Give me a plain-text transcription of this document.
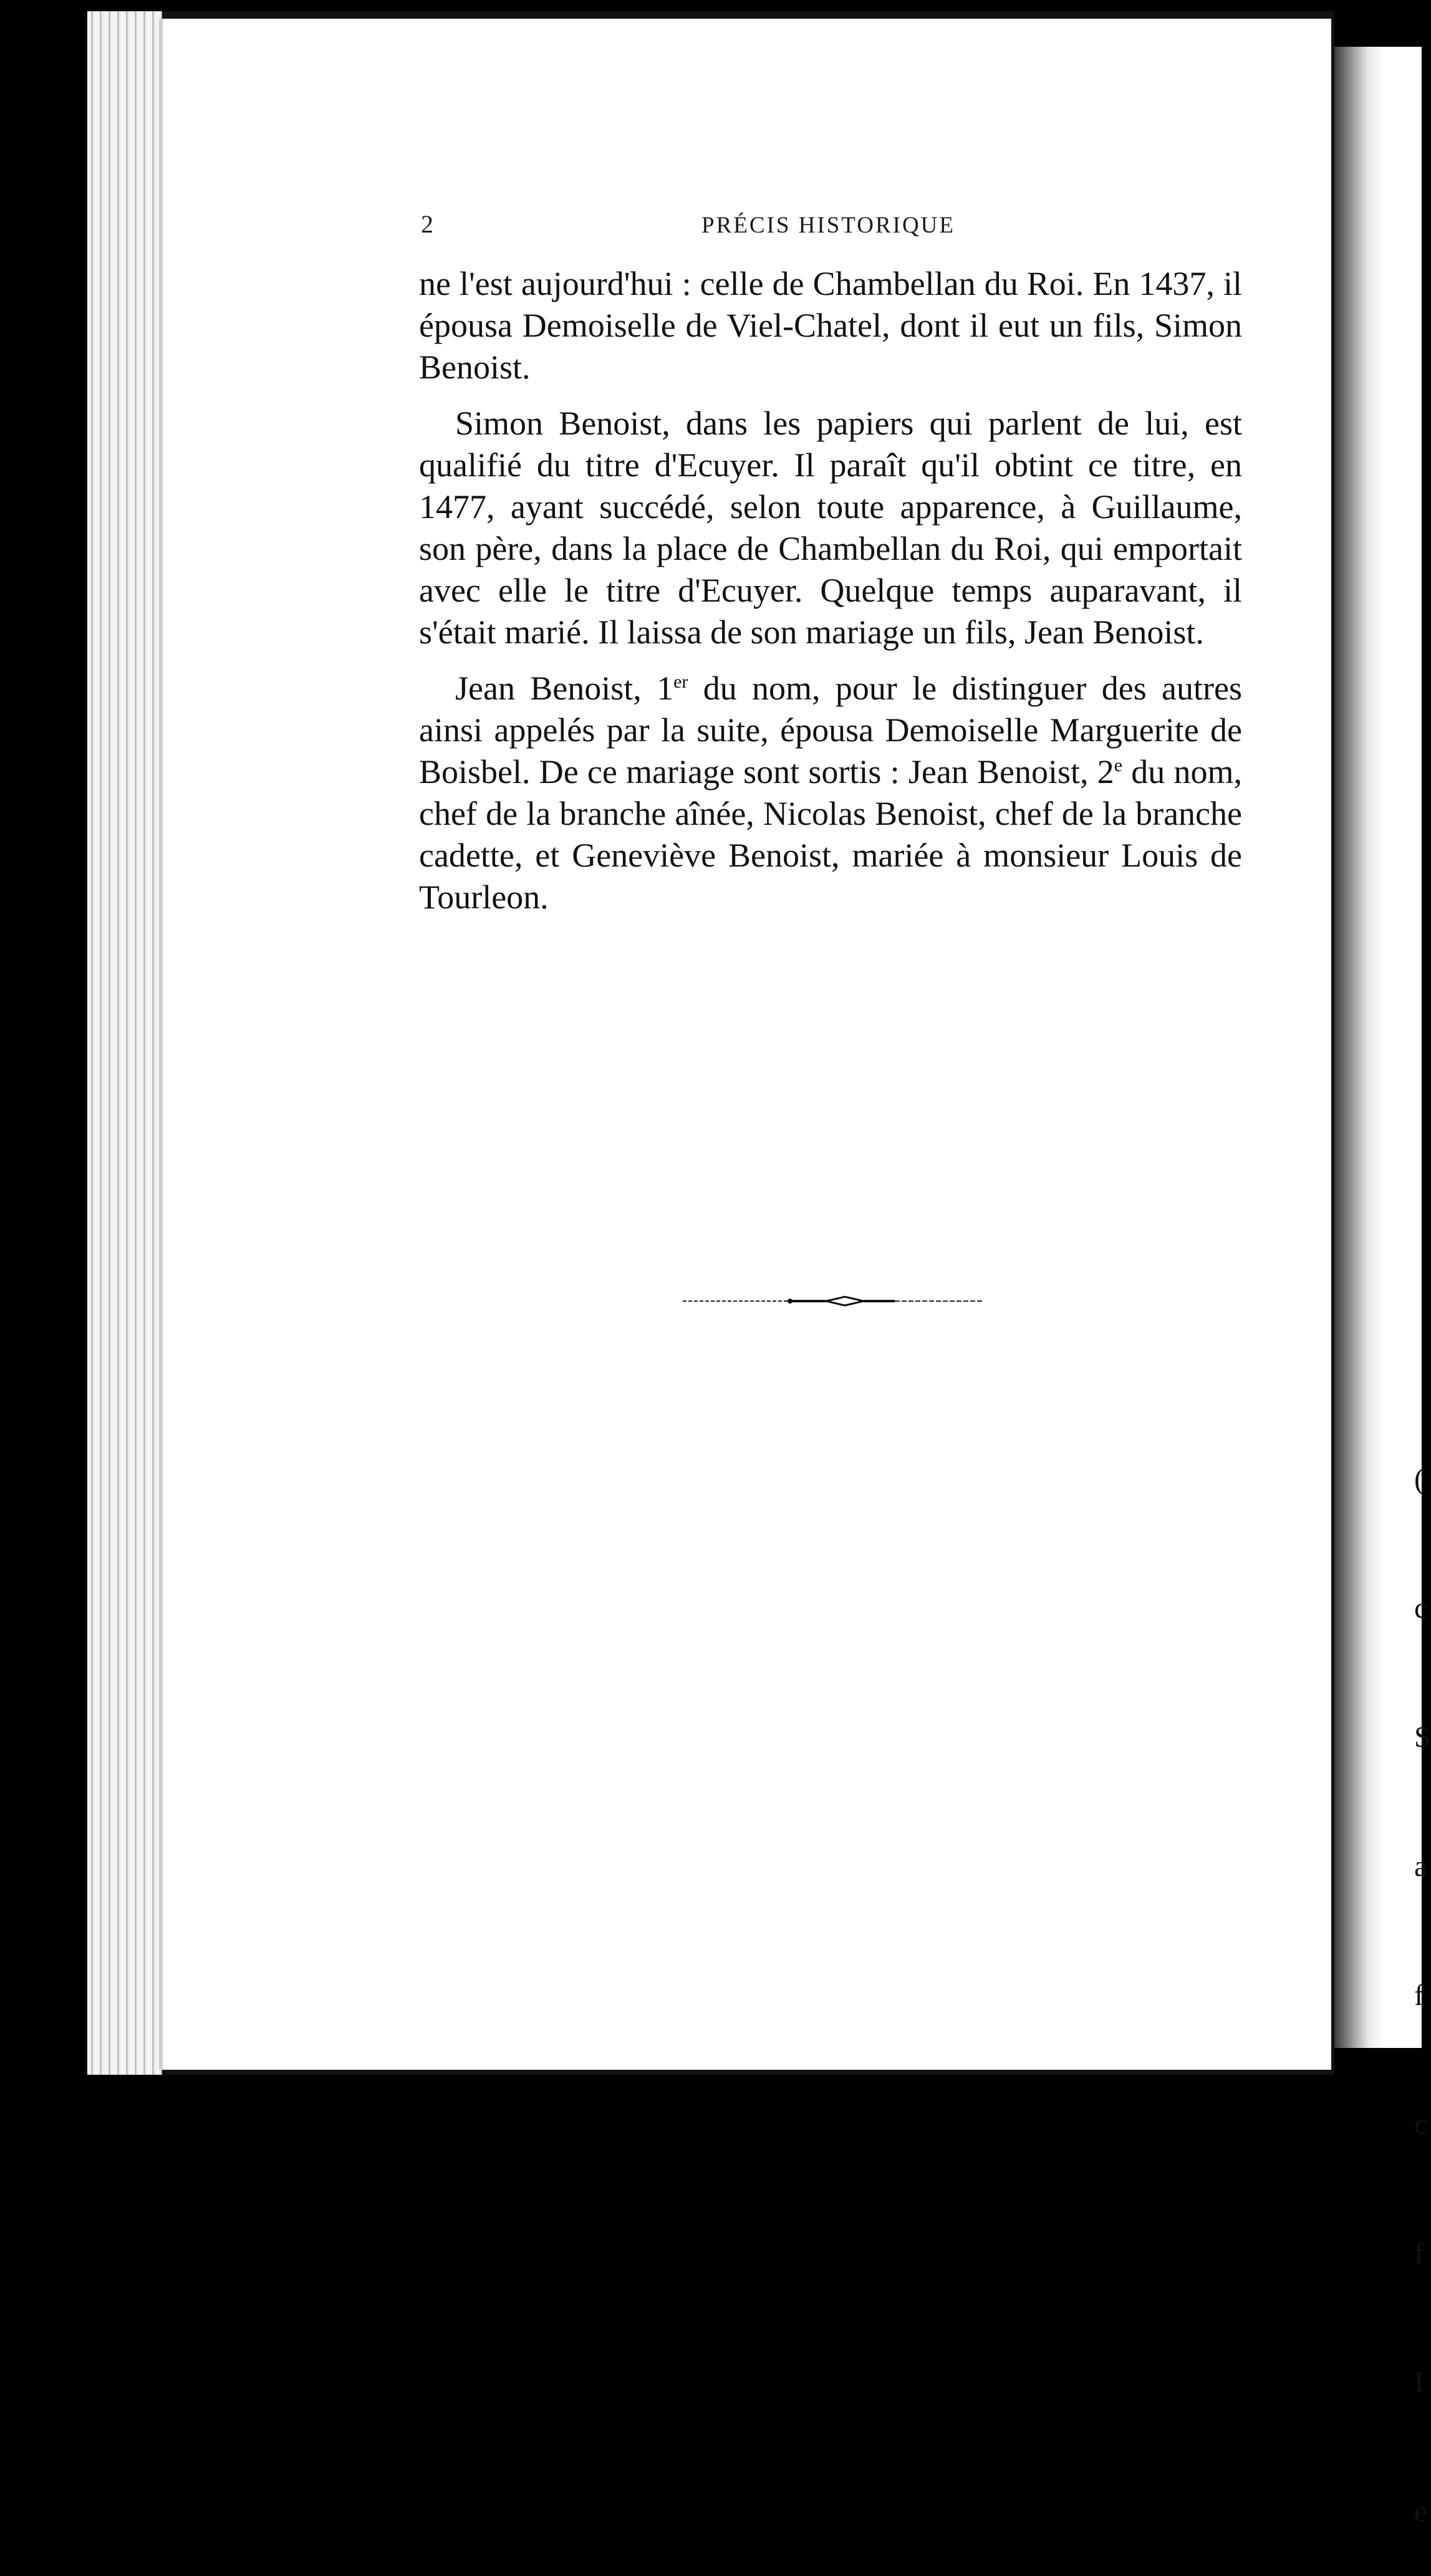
(

c

S

a

f

c

f

I

e

2	PRÉCIS HISTORIQUE

ne l'est aujourd'hui : celle de Chambellan du Roi. En 1437, il épousa Demoiselle de Viel-Chatel, dont il eut un fils, Simon Benoist.

Simon Benoist, dans les papiers qui parlent de lui, est qualifié du titre d'Ecuyer. Il paraît qu'il obtint ce titre, en 1477, ayant succédé, selon toute apparence, à Guillaume, son père, dans la place de Chambellan du Roi, qui emportait avec elle le titre d'Ecuyer. Quelque temps auparavant, il s'était marié. Il laissa de son mariage un fils, Jean Benoist.

Jean Benoist, 1er du nom, pour le distinguer des autres ainsi appelés par la suite, épousa Demoiselle Marguerite de Boisbel. De ce mariage sont sortis : Jean Benoist, 2e du nom, chef de la branche aînée, Nicolas Benoist, chef de la branche cadette, et Geneviève Benoist, mariée à monsieur Louis de Tourleon.
